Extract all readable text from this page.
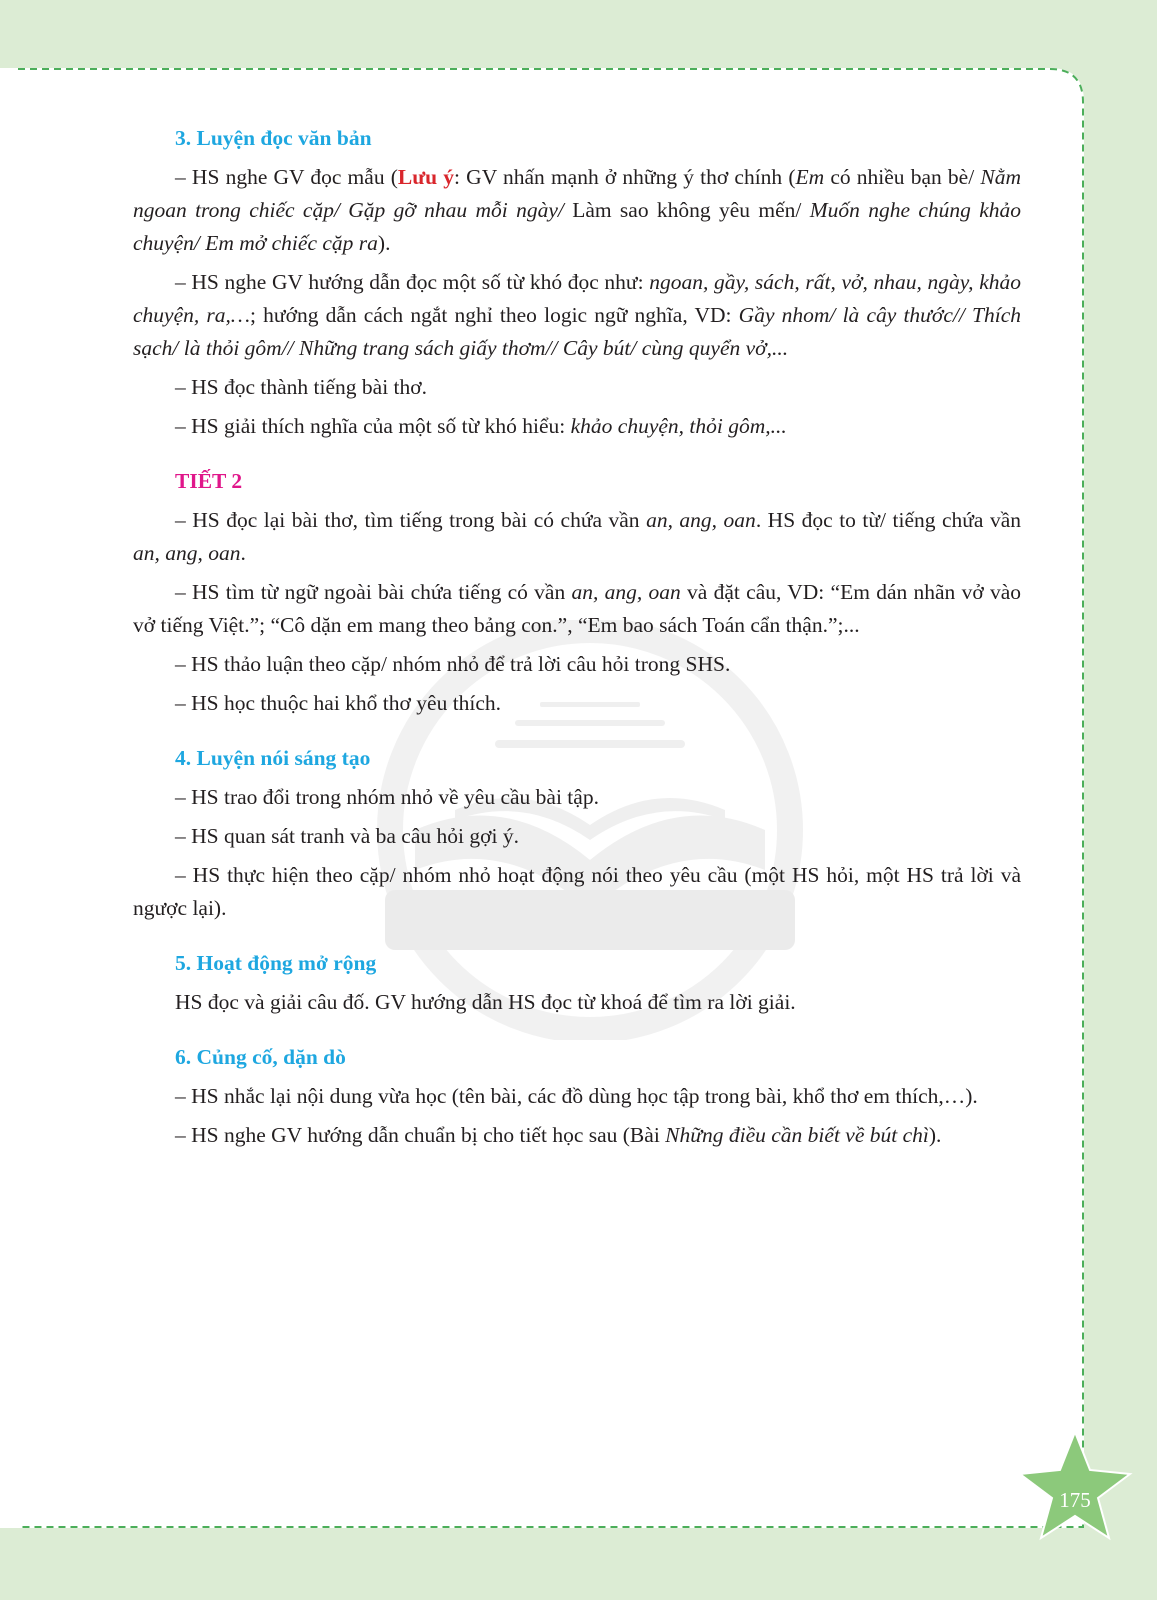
3. Luyện đọc văn bản

– HS nghe GV đọc mẫu (Lưu ý: GV nhấn mạnh ở những ý thơ chính (Em có nhiều bạn bè/ Nằm ngoan trong chiếc cặp/ Gặp gỡ nhau mỗi ngày/ Làm sao không yêu mến/ Muốn nghe chúng khảo chuyện/ Em mở chiếc cặp ra).

– HS nghe GV hướng dẫn đọc một số từ khó đọc như: ngoan, gầy, sách, rất, vở, nhau, ngày, khảo chuyện, ra,…; hướng dẫn cách ngắt nghỉ theo logic ngữ nghĩa, VD: Gầy nhom/ là cây thước// Thích sạch/ là thỏi gôm// Những trang sách giấy thơm// Cây bút/ cùng quyển vở,...

– HS đọc thành tiếng bài thơ.

– HS giải thích nghĩa của một số từ khó hiểu: khảo chuyện, thỏi gôm,...

TIẾT 2

– HS đọc lại bài thơ, tìm tiếng trong bài có chứa vần an, ang, oan. HS đọc to từ/ tiếng chứa vần an, ang, oan.

– HS tìm từ ngữ ngoài bài chứa tiếng có vần an, ang, oan và đặt câu, VD: “Em dán nhãn vở vào vở tiếng Việt.”; “Cô dặn em mang theo bảng con.”, “Em bao sách Toán cẩn thận.”;...

– HS thảo luận theo cặp/ nhóm nhỏ để trả lời câu hỏi trong SHS.

– HS học thuộc hai khổ thơ yêu thích.

4. Luyện nói sáng tạo

– HS trao đổi trong nhóm nhỏ về yêu cầu bài tập.

– HS quan sát tranh và ba câu hỏi gợi ý.

– HS thực hiện theo cặp/ nhóm nhỏ hoạt động nói theo yêu cầu (một HS hỏi, một HS trả lời và ngược lại).

5. Hoạt động mở rộng

HS đọc và giải câu đố. GV hướng dẫn HS đọc từ khoá để tìm ra lời giải.

6. Củng cố, dặn dò

– HS nhắc lại nội dung vừa học (tên bài, các đồ dùng học tập trong bài, khổ thơ em thích,…).

– HS nghe GV hướng dẫn chuẩn bị cho tiết học sau (Bài Những điều cần biết về bút chì).

175
